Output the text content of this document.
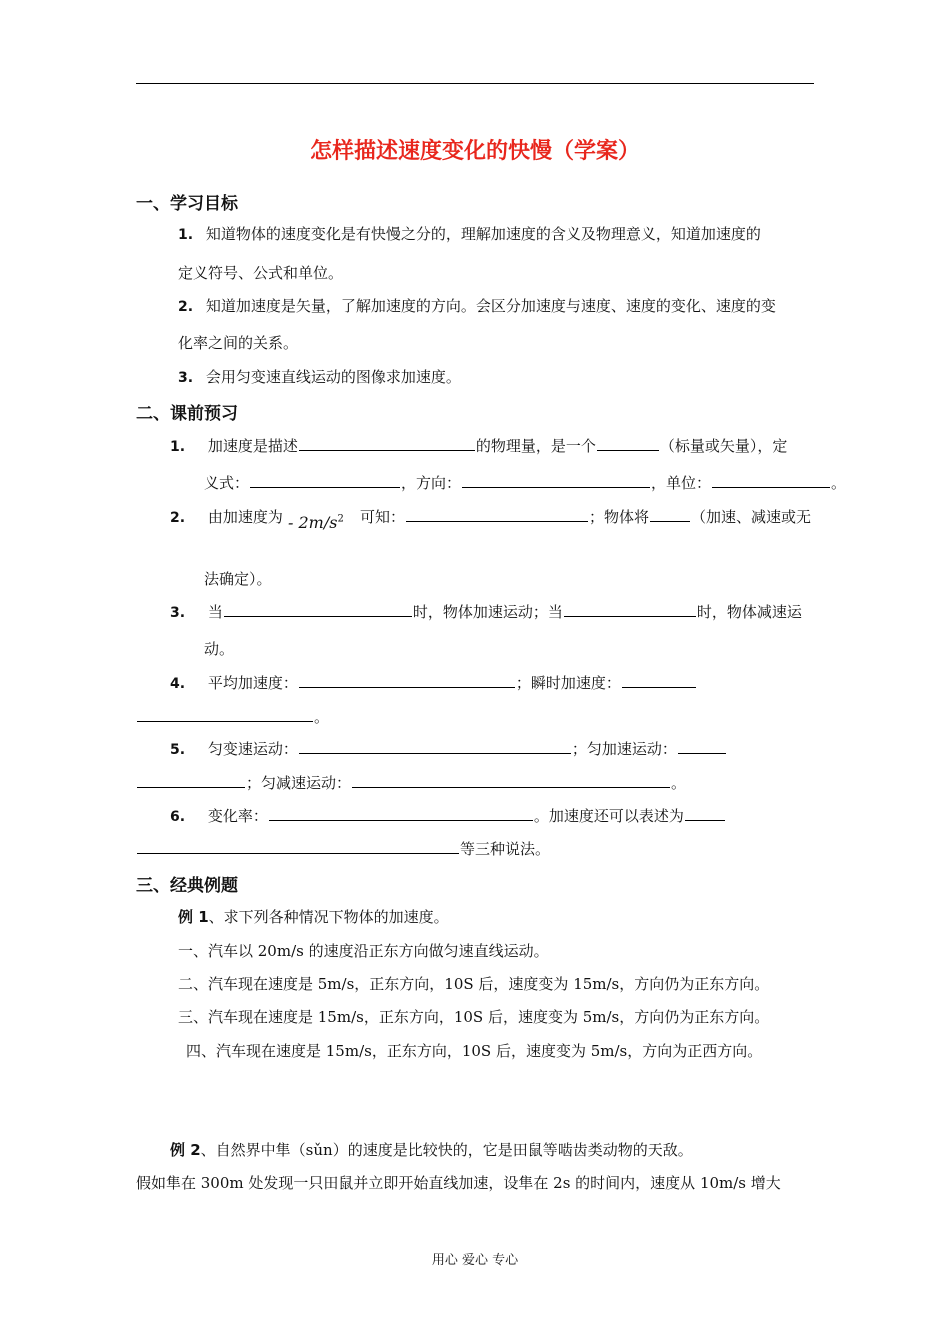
怎样描述速度变化的快慢（学案）
一、学习目标
1. 知道物体的速度变化是有快慢之分的，理解加速度的含义及物理意义，知道加速度的
定义符号、公式和单位。
2. 知道加速度是矢量，了解加速度的方向。会区分加速度与速度、速度的变化、速度的变
化率之间的关系。
3. 会用匀变速直线运动的图像求加速度。
二、课前预习
1. 加速度是描述	的物理量，是一个	（标量或矢量），定
义式：	，方向：	，单位：	。
2. 由加速度为 - $2m/s^2$ 可知：	；物体将	（加速、减速或无
法确定）。
3. 当	时，物体加速运动；当	时，物体减速运
动。
4. 平均加速度：	；瞬时加速度：
。
5. 匀变速运动：	；匀加速运动：
；匀减速运动：	。
6. 变化率：	。加速度还可以表述为
等三种说法。
三、经典例题
例 1、求下列各种情况下物体的加速度。
一、汽车以 20m/s 的速度沿正东方向做匀速直线运动。
二、汽车现在速度是 5m/s，正东方向，10S 后，速度变为 15m/s，方向仍为正东方向。
三、汽车现在速度是 15m/s，正东方向，10S 后，速度变为 5m/s，方向仍为正东方向。
四、汽车现在速度是 15m/s，正东方向，10S 后，速度变为 5m/s，方向为正西方向。
例 2、自然界中隼（sǔn）的速度是比较快的，它是田鼠等啮齿类动物的天敌。
假如隼在 300m 处发现一只田鼠并立即开始直线加速，设隼在 2s 的时间内，速度从 10m/s 增大
用心 爱心 专心
